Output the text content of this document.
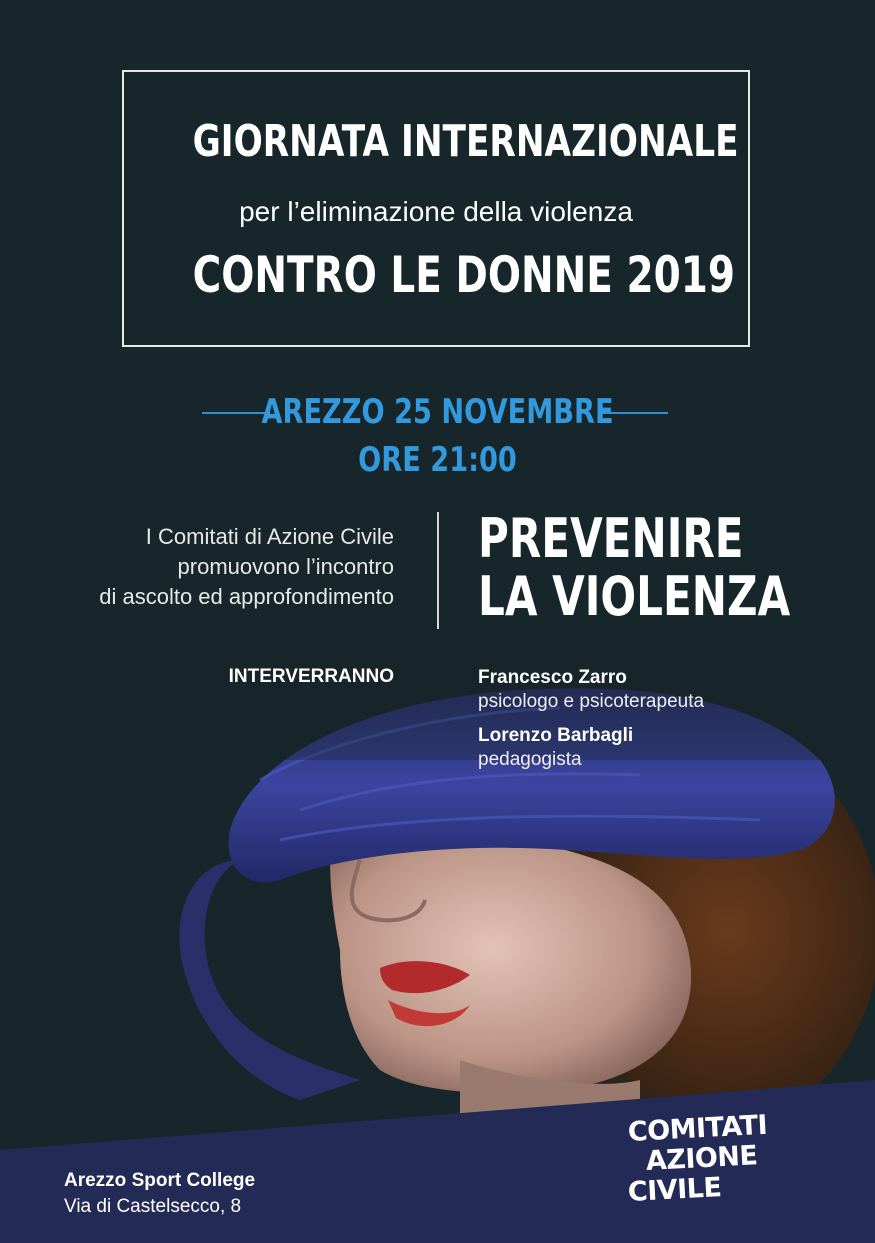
GIORNATA INTERNAZIONALE
per l’eliminazione della violenza
CONTRO LE DONNE 2019
AREZZO 25 NOVEMBRE
ORE 21:00
I Comitati di Azione Civile
promuovono l’incontro
di ascolto ed approfondimento
PREVENIRE
LA VIOLENZA
INTERVERRANNO	Francesco Zarro
psicologo e psicoterapeuta
Lorenzo Barbagli
pedagogista
Arezzo Sport College
Via di Castelsecco, 8
COMITATI
AZIONE
CIVILE
